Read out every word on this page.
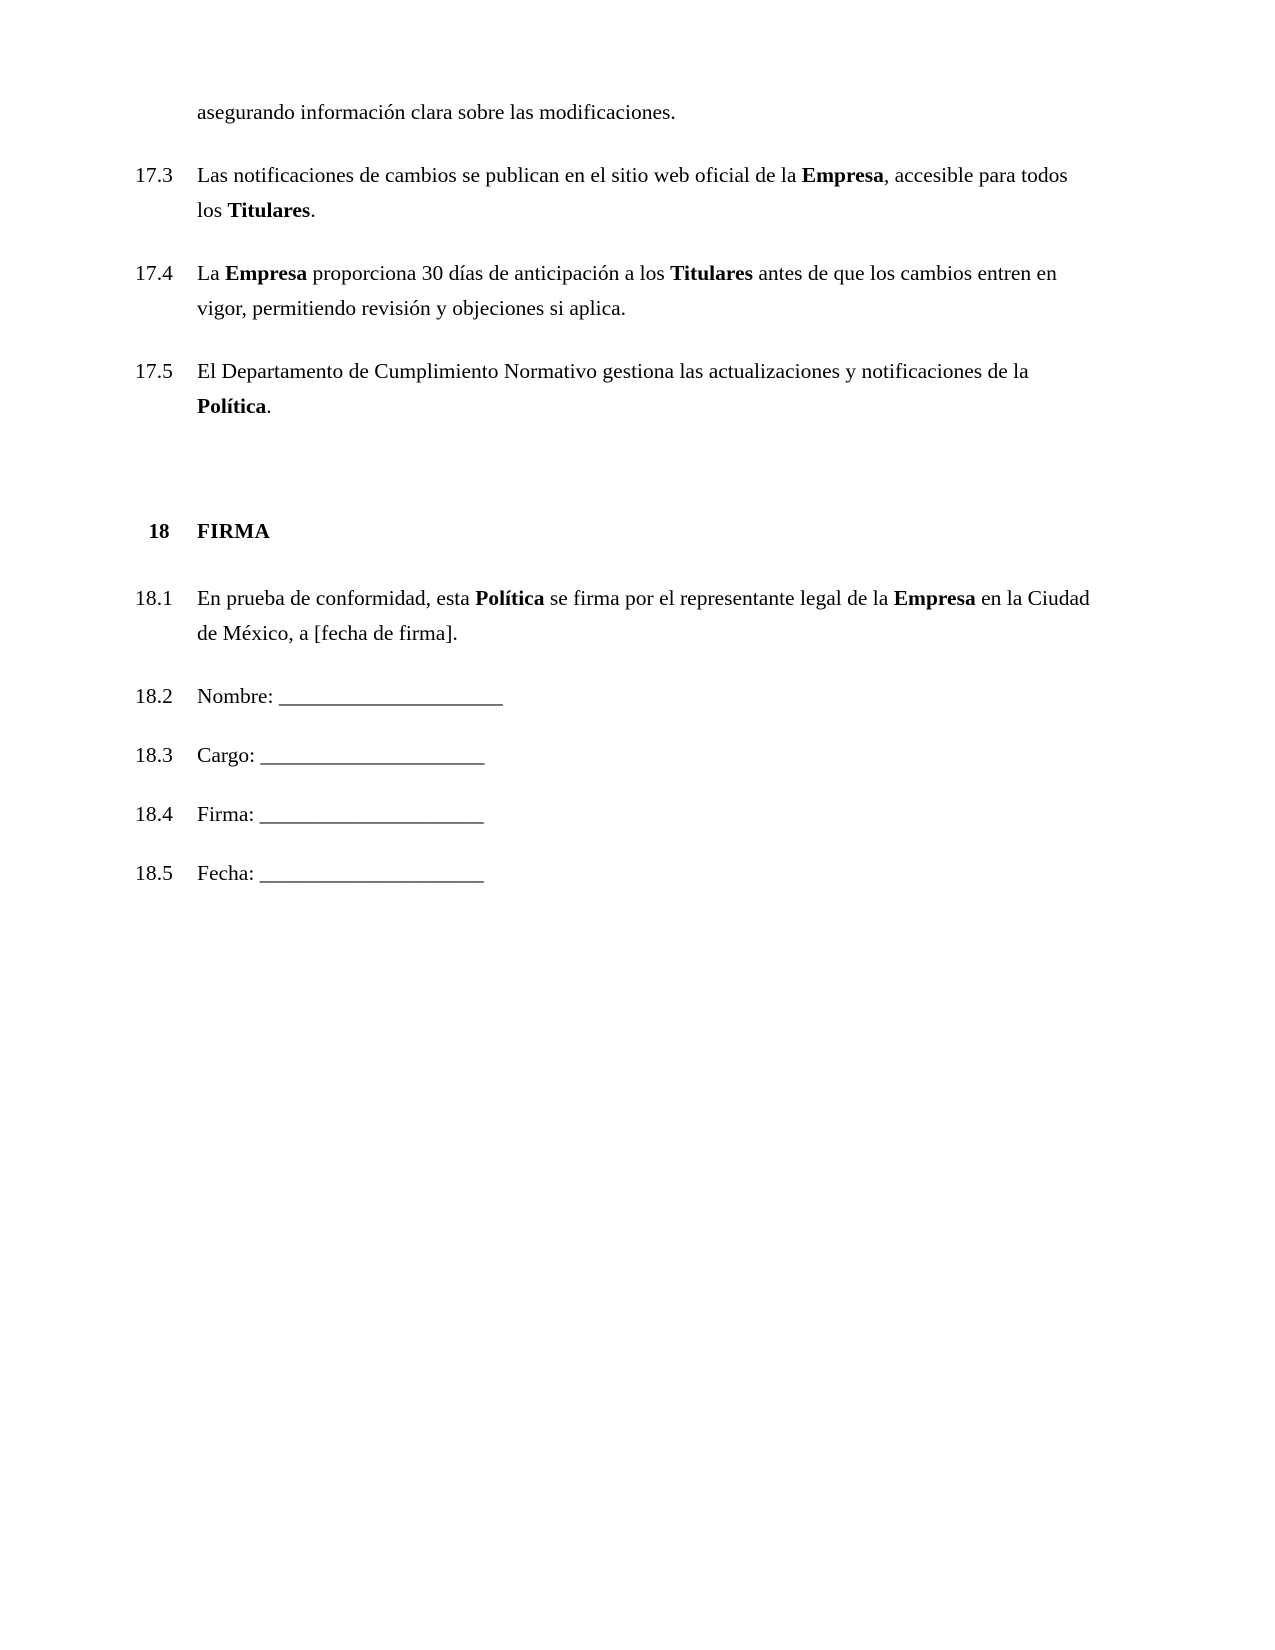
asegurando información clara sobre las modificaciones.

17.3	Las notificaciones de cambios se publican en el sitio web oficial de la Empresa, accesible para todos los Titulares.
17.4	La Empresa proporciona 30 días de anticipación a los Titulares antes de que los cambios entren en vigor, permitiendo revisión y objeciones si aplica.
17.5	El Departamento de Cumplimiento Normativo gestiona las actualizaciones y notificaciones de la Política.
18	FIRMA
18.1	En prueba de conformidad, esta Política se firma por el representante legal de la Empresa en la Ciudad de México, a [fecha de firma].
18.2	Nombre: ______________________
18.3	Cargo: ______________________
18.4	Firma: ______________________
18.5	Fecha: ______________________
